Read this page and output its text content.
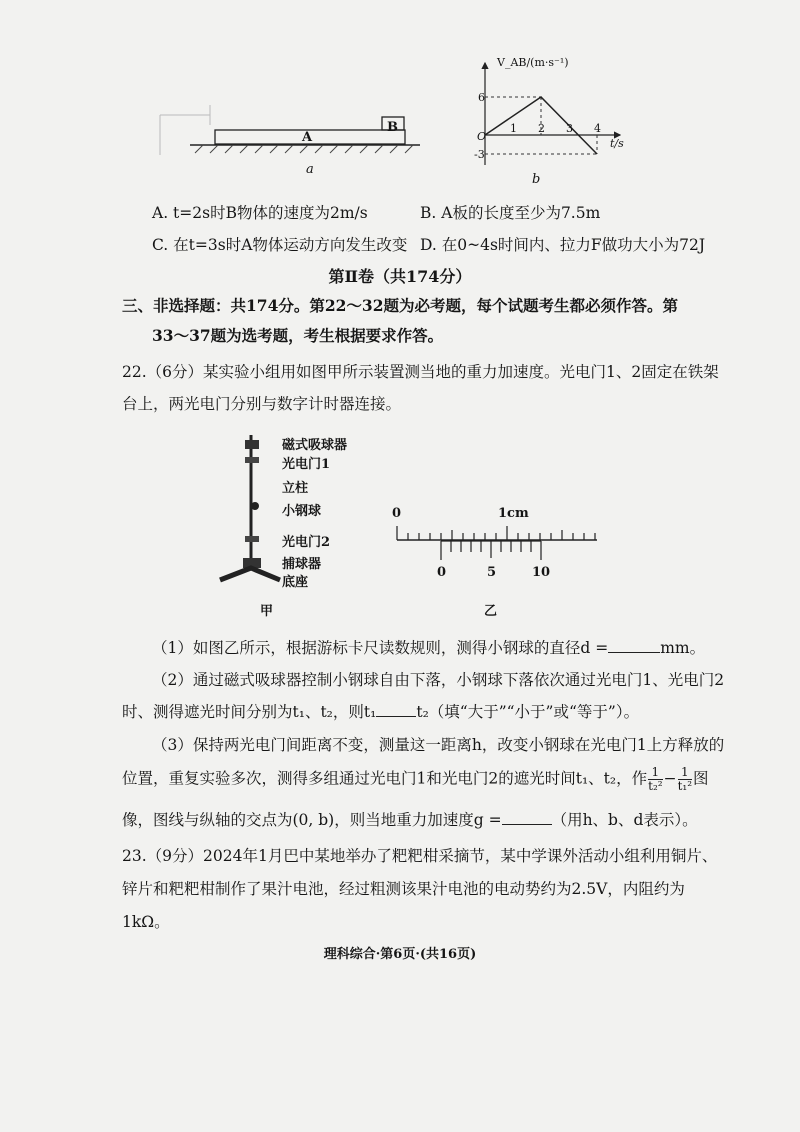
A
B
a
V_AB/(m·s⁻¹)
t/s
O
6
-3
1 2 3 4
b
A. t=2s时B物体的速度为2m/s	B. A板的长度至少为7.5m
C. 在t=3s时A物体运动方向发生改变 D. 在0~4s时间内、拉力F做功大小为72J
第Ⅱ卷（共174分）
三、非选择题：共174分。第22～32题为必考题，每个试题考生都必须作答。第
33～37题为选考题，考生根据要求作答。
22.（6分）某实验小组用如图甲所示装置测当地的重力加速度。光电门1、2固定在铁架
台上，两光电门分别与数字计时器连接。
磁式吸球器
光电门1
立柱
小钢球
光电门2
捕球器
底座
甲
0	1cm
0	5	10
乙
（1）如图乙所示，根据游标卡尺读数规则，测得小钢球的直径d =	mm。
（2）通过磁式吸球器控制小钢球自由下落，小钢球下落依次通过光电门1、光电门2
时、测得遮光时间分别为t₁、t₂，则t₁	t₂（填“大于”“小于”或“等于”）。
（3）保持两光电门间距离不变，测量这一距离h，改变小钢球在光电门1上方释放的
位置，重复实验多次，测得多组通过光电门1和光电门2的遮光时间t₁、t₂，作 $\frac{1}{\text{t₂²}} - \frac{1}{\text{t₁²}}$ 图
像，图线与纵轴的交点为(0, b)，则当地重力加速度g =	（用h、b、d表示）。
23.（9分）2024年1月巴中某地举办了粑粑柑采摘节，某中学课外活动小组利用铜片、
锌片和粑粑柑制作了果汁电池，经过粗测该果汁电池的电动势约为2.5V，内阻约为
1kΩ。
理科综合·第6页·(共16页)
